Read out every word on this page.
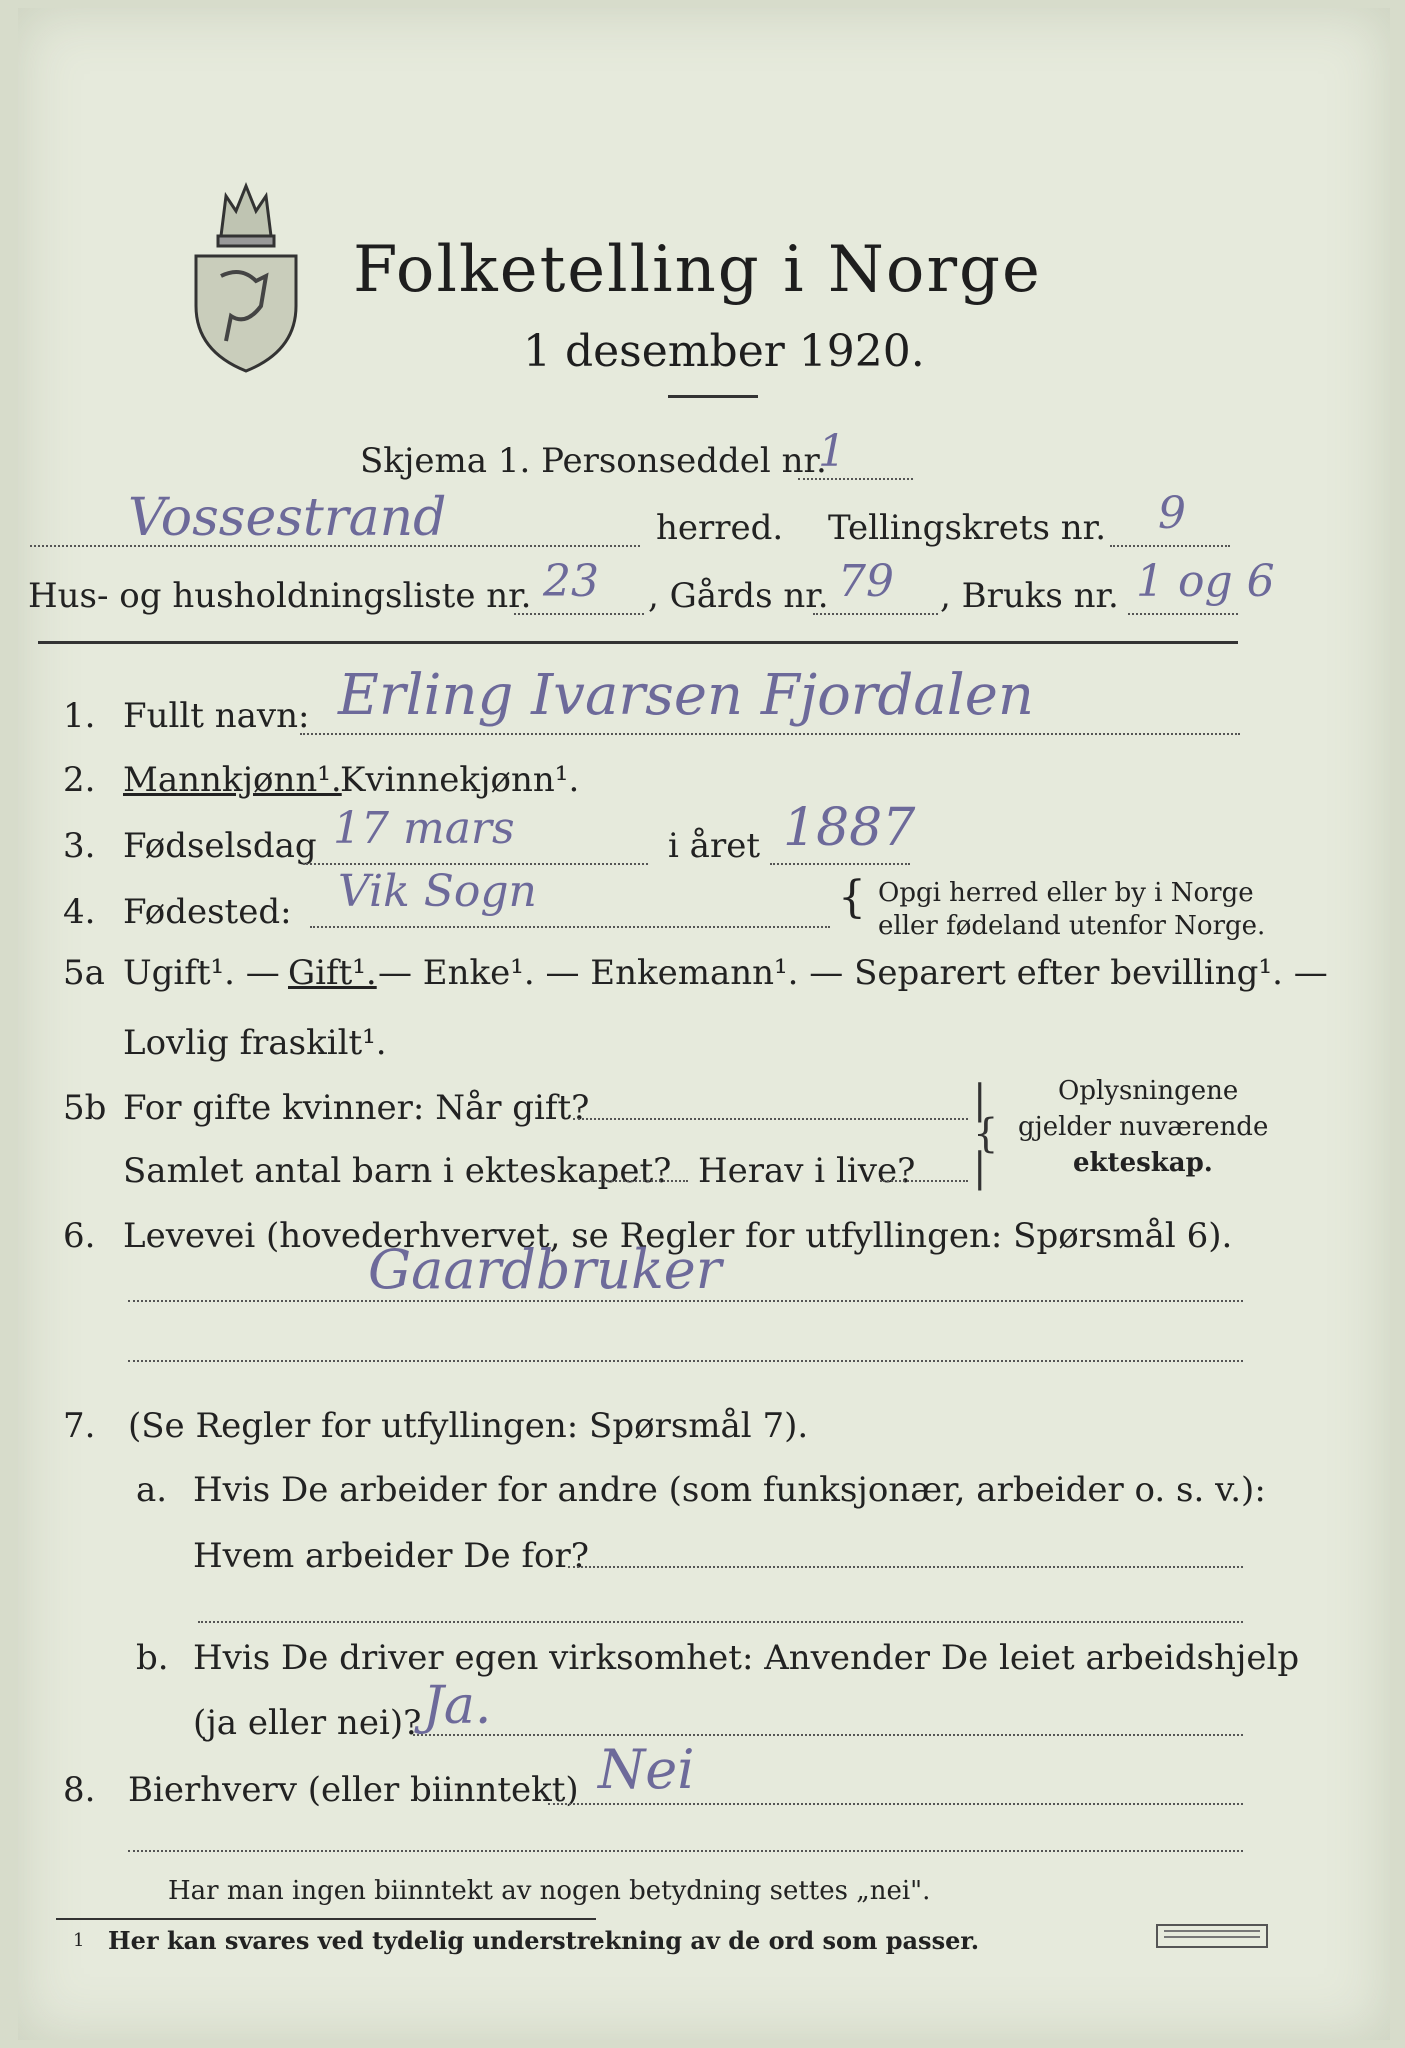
Folketelling i Norge
1 desember 1920.
Skjema 1. Personseddel nr.
1
Vossestrand	herred. Tellingskrets nr. 9
Hus- og husholdningsliste nr. 23 , Gårds nr. 79 , Bruks nr. 1 og 6
1. Fullt navn: Erling Ivarsen Fjordalen
2. Mannkjønn¹.
Kvinnekjønn¹.
3. Fødselsdag 17 mars	i året 1887
4. Fødested: Vik Sogn	{ Opgi herred eller by i Norge
eller fødeland utenfor Norge.
5a Ugift¹. — Gift¹. — Enke¹. — Enkemann¹. — Separert efter bevilling¹. —
Lovlig fraskilt¹.
5b For gifte kvinner: Når gift?
Samlet antal barn i ekteskapet? Herav i live?
|
{
|
Oplysningene
gjelder nuværende
ekteskap.
6. Levevei (hovederhvervet, se Regler for utfyllingen: Spørsmål 6).
Gaardbruker
7. (Se Regler for utfyllingen: Spørsmål 7).
a. Hvis De arbeider for andre (som funksjonær, arbeider o. s. v.):
Hvem arbeider De for?
b. Hvis De driver egen virksomhet: Anvender De leiet arbeidshjelp
(ja eller nei)? Ja.
8. Bierhverv (eller biinntekt) Nei
Har man ingen biinntekt av nogen betydning settes „nei".
1 Her kan svares ved tydelig understrekning av de ord som passer.
